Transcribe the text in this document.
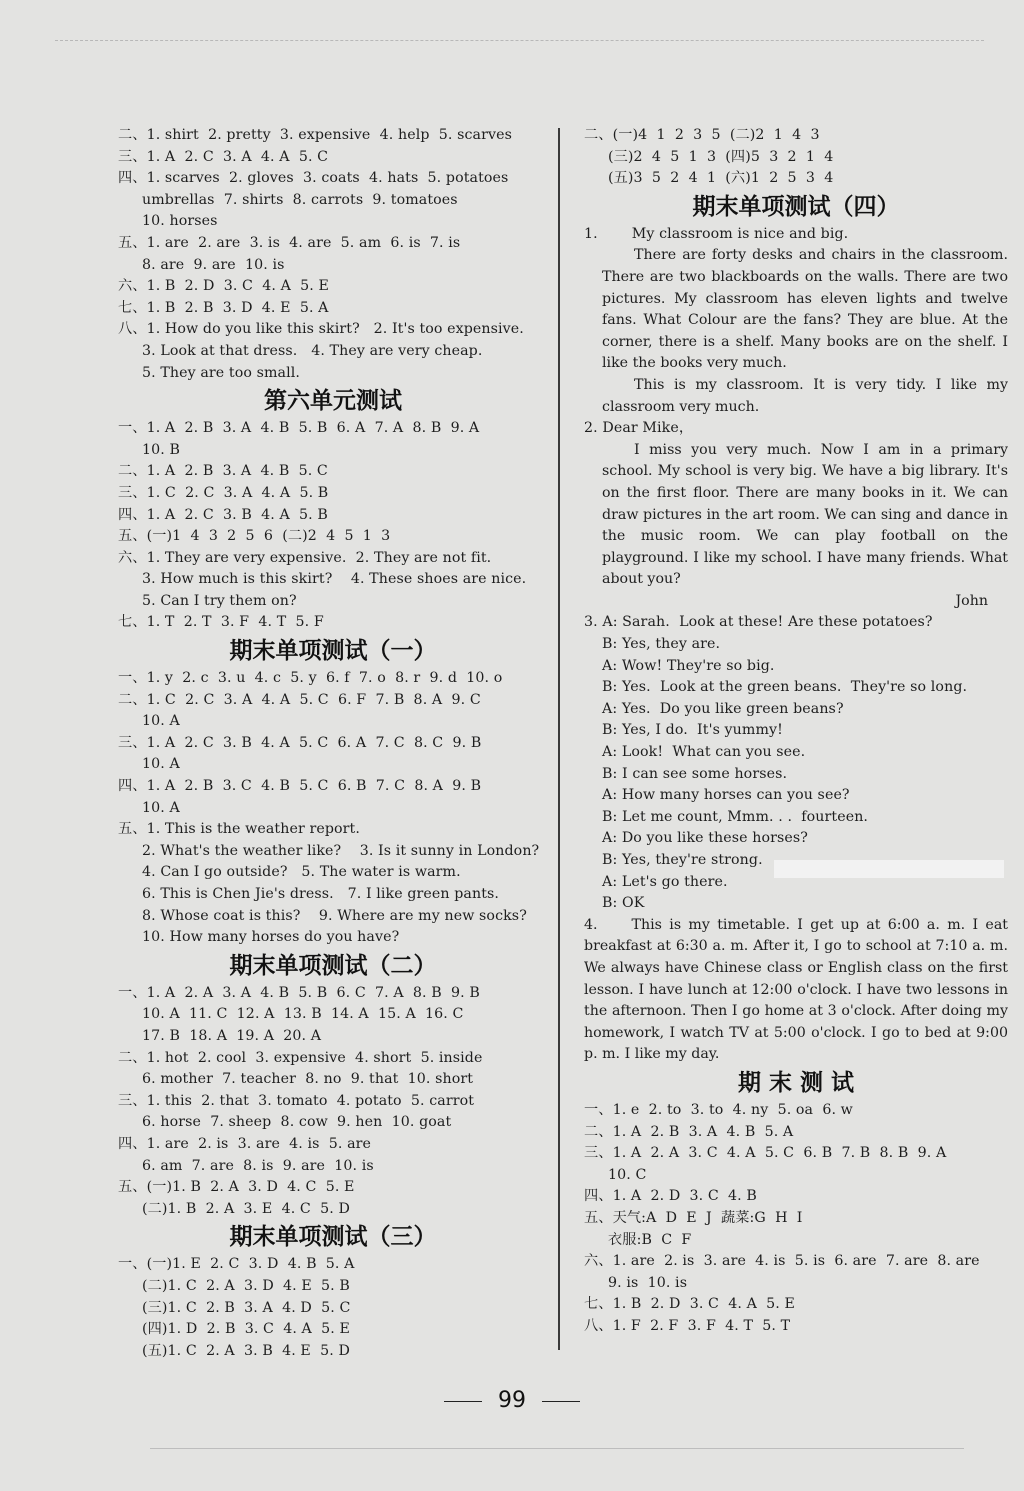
二、1. shirt  2. pretty  3. expensive  4. help  5. scarves
三、1. A  2. C  3. A  4. A  5. C
四、1. scarves  2. gloves  3. coats  4. hats  5. potatoes
umbrellas  7. shirts  8. carrots  9. tomatoes
10. horses
五、1. are  2. are  3. is  4. are  5. am  6. is  7. is
8. are  9. are  10. is
六、1. B  2. D  3. C  4. A  5. E
七、1. B  2. B  3. D  4. E  5. A
八、1. How do you like this skirt?   2. It's too expensive.
3. Look at that dress.   4. They are very cheap.
5. They are too small.
第六单元测试
一、1. A  2. B  3. A  4. B  5. B  6. A  7. A  8. B  9. A
10. B
二、1. A  2. B  3. A  4. B  5. C
三、1. C  2. C  3. A  4. A  5. B
四、1. A  2. C  3. B  4. A  5. B
五、(一)1  4  3  2  5  6  (二)2  4  5  1  3
六、1. They are very expensive.  2. They are not fit.
3. How much is this skirt?    4. These shoes are nice.
5. Can I try them on?
七、1. T  2. T  3. F  4. T  5. F
期末单项测试（一）
一、1. y  2. c  3. u  4. c  5. y  6. f  7. o  8. r  9. d  10. o
二、1. C  2. C  3. A  4. A  5. C  6. F  7. B  8. A  9. C
10. A
三、1. A  2. C  3. B  4. A  5. C  6. A  7. C  8. C  9. B
10. A
四、1. A  2. B  3. C  4. B  5. C  6. B  7. C  8. A  9. B
10. A
五、1. This is the weather report.
2. What's the weather like?    3. Is it sunny in London?
4. Can I go outside?   5. The water is warm.
6. This is Chen Jie's dress.   7. I like green pants.
8. Whose coat is this?    9. Where are my new socks?
10. How many horses do you have?
期末单项测试（二）
一、1. A  2. A  3. A  4. B  5. B  6. C  7. A  8. B  9. B
10. A  11. C  12. A  13. B  14. A  15. A  16. C
17. B  18. A  19. A  20. A
二、1. hot  2. cool  3. expensive  4. short  5. inside
6. mother  7. teacher  8. no  9. that  10. short
三、1. this  2. that  3. tomato  4. potato  5. carrot
6. horse  7. sheep  8. cow  9. hen  10. goat
四、1. are  2. is  3. are  4. is  5. are
6. am  7. are  8. is  9. are  10. is
五、(一)1. B  2. A  3. D  4. C  5. E
(二)1. B  2. A  3. E  4. C  5. D
期末单项测试（三）
一、(一)1. E  2. C  3. D  4. B  5. A
(二)1. C  2. A  3. D  4. E  5. B
(三)1. C  2. B  3. A  4. D  5. C
(四)1. D  2. B  3. C  4. A  5. E
(五)1. C  2. A  3. B  4. E  5. D
二、(一)4  1  2  3  5  (二)2  1  4  3
(三)2  4  5  1  3  (四)5  3  2  1  4
(五)3  5  2  4  1  (六)1  2  5  3  4
期末单项测试（四）
1. My classroom is nice and big.
There are forty desks and chairs in the classroom. There are two blackboards on the walls. There are two pictures. My classroom has eleven lights and twelve fans. What Colour are the fans? They are blue. At the corner, there is a shelf. Many books are on the shelf. I like the books very much.
This is my classroom. It is very tidy. I like my classroom very much.
2. Dear Mike，
I miss you very much. Now I am in a primary school. My school is very big. We have a big library. It's on the first floor. There are many books in it. We can draw pictures in the art room. We can sing and dance in the music room. We can play football on the playground. I like my school. I have many friends. What about you?
John
3. A: Sarah.  Look at these! Are these potatoes?
B: Yes, they are.
A: Wow! They're so big.
B: Yes.  Look at the green beans.  They're so long.
A: Yes.  Do you like green beans?
B: Yes, I do.  It's yummy!
A: Look!  What can you see.
B: I can see some horses.
A: How many horses can you see?
B: Let me count, Mmm. . .  fourteen.
A: Do you like these horses?
B: Yes, they're strong.
A: Let's go there.
B: OK
4. This is my timetable. I get up at 6:00 a. m. I eat breakfast at 6:30 a. m. After it, I go to school at 7:10 a. m. We always have Chinese class or English class on the first lesson. I have lunch at 12:00 o'clock. I have two lessons in the afternoon. Then I go home at 3 o'clock. After doing my homework, I watch TV at 5:00 o'clock. I go to bed at 9:00 p. m. I like my day.
期 末 测 试
一、1. e  2. to  3. to  4. ny  5. oa  6. w
二、1. A  2. B  3. A  4. B  5. A
三、1. A  2. A  3. C  4. A  5. C  6. B  7. B  8. B  9. A
10. C
四、1. A  2. D  3. C  4. B
五、天气:A  D  E  J  蔬菜:G  H  I
衣服:B  C  F
六、1. are  2. is  3. are  4. is  5. is  6. are  7. are  8. are
9. is  10. is
七、1. B  2. D  3. C  4. A  5. E
八、1. F  2. F  3. F  4. T  5. T
99
